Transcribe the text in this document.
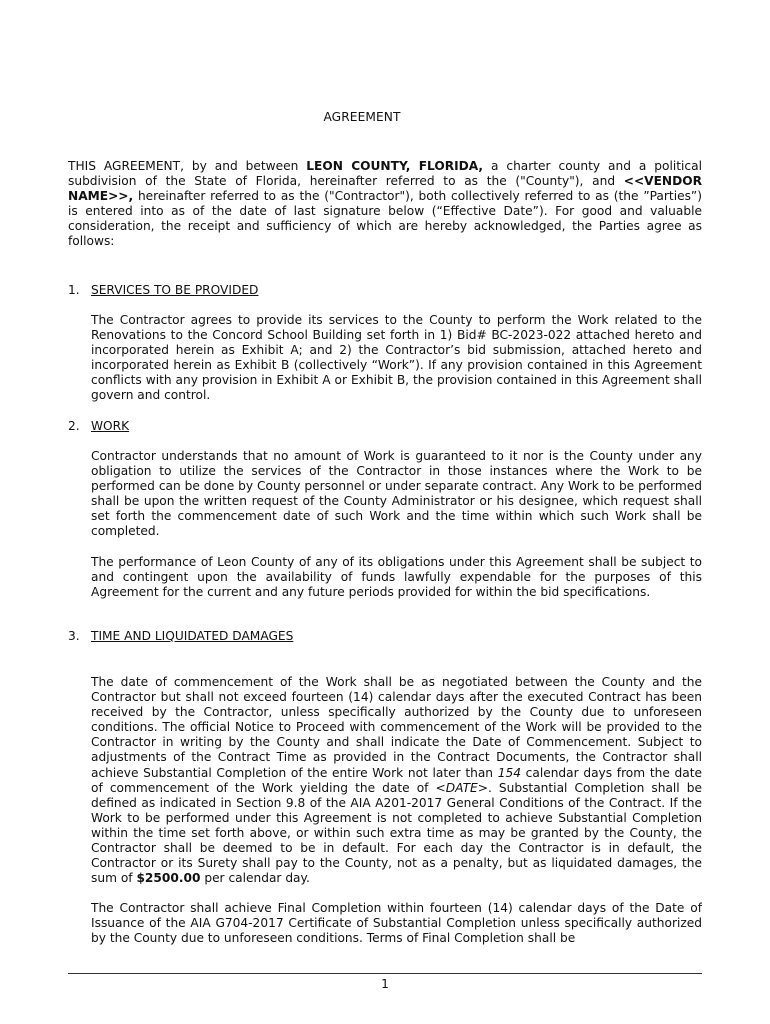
AGREEMENT

THIS AGREEMENT, by and between LEON COUNTY, FLORIDA, a charter county and a political subdivision of the State of Florida, hereinafter referred to as the ("County"), and <<VENDOR NAME>>, hereinafter referred to as the ("Contractor"), both collectively referred to as (the ”Parties”) is entered into as of the date of last signature below (“Effective Date”). For good and valuable consideration, the receipt and sufficiency of which are hereby acknowledged, the Parties agree as follows:

1. SERVICES TO BE PROVIDED

The Contractor agrees to provide its services to the County to perform the Work related to the Renovations to the Concord School Building set forth in 1) Bid# BC-2023-022 attached hereto and incorporated herein as Exhibit A; and 2) the Contractor’s bid submission, attached hereto and incorporated herein as Exhibit B (collectively “Work”). If any provision contained in this Agreement conflicts with any provision in Exhibit A or Exhibit B, the provision contained in this Agreement shall govern and control.

2. WORK

Contractor understands that no amount of Work is guaranteed to it nor is the County under any obligation to utilize the services of the Contractor in those instances where the Work to be performed can be done by County personnel or under separate contract. Any Work to be performed shall be upon the written request of the County Administrator or his designee, which request shall set forth the commencement date of such Work and the time within which such Work shall be completed.

The performance of Leon County of any of its obligations under this Agreement shall be subject to and contingent upon the availability of funds lawfully expendable for the purposes of this Agreement for the current and any future periods provided for within the bid specifications.

3. TIME AND LIQUIDATED DAMAGES

The date of commencement of the Work shall be as negotiated between the County and the Contractor but shall not exceed fourteen (14) calendar days after the executed Contract has been received by the Contractor, unless specifically authorized by the County due to unforeseen conditions. The official Notice to Proceed with commencement of the Work will be provided to the Contractor in writing by the County and shall indicate the Date of Commencement. Subject to adjustments of the Contract Time as provided in the Contract Documents, the Contractor shall achieve Substantial Completion of the entire Work not later than 154 calendar days from the date of commencement of the Work yielding the date of <DATE>. Substantial Completion shall be defined as indicated in Section 9.8 of the AIA A201-2017 General Conditions of the Contract. If the Work to be performed under this Agreement is not completed to achieve Substantial Completion within the time set forth above, or within such extra time as may be granted by the County, the Contractor shall be deemed to be in default. For each day the Contractor is in default, the Contractor or its Surety shall pay to the County, not as a penalty, but as liquidated damages, the sum of $2500.00 per calendar day.

The Contractor shall achieve Final Completion within fourteen (14) calendar days of the Date of Issuance of the AIA G704-2017 Certificate of Substantial Completion unless specifically authorized by the County due to unforeseen conditions. Terms of Final Completion shall be

1
